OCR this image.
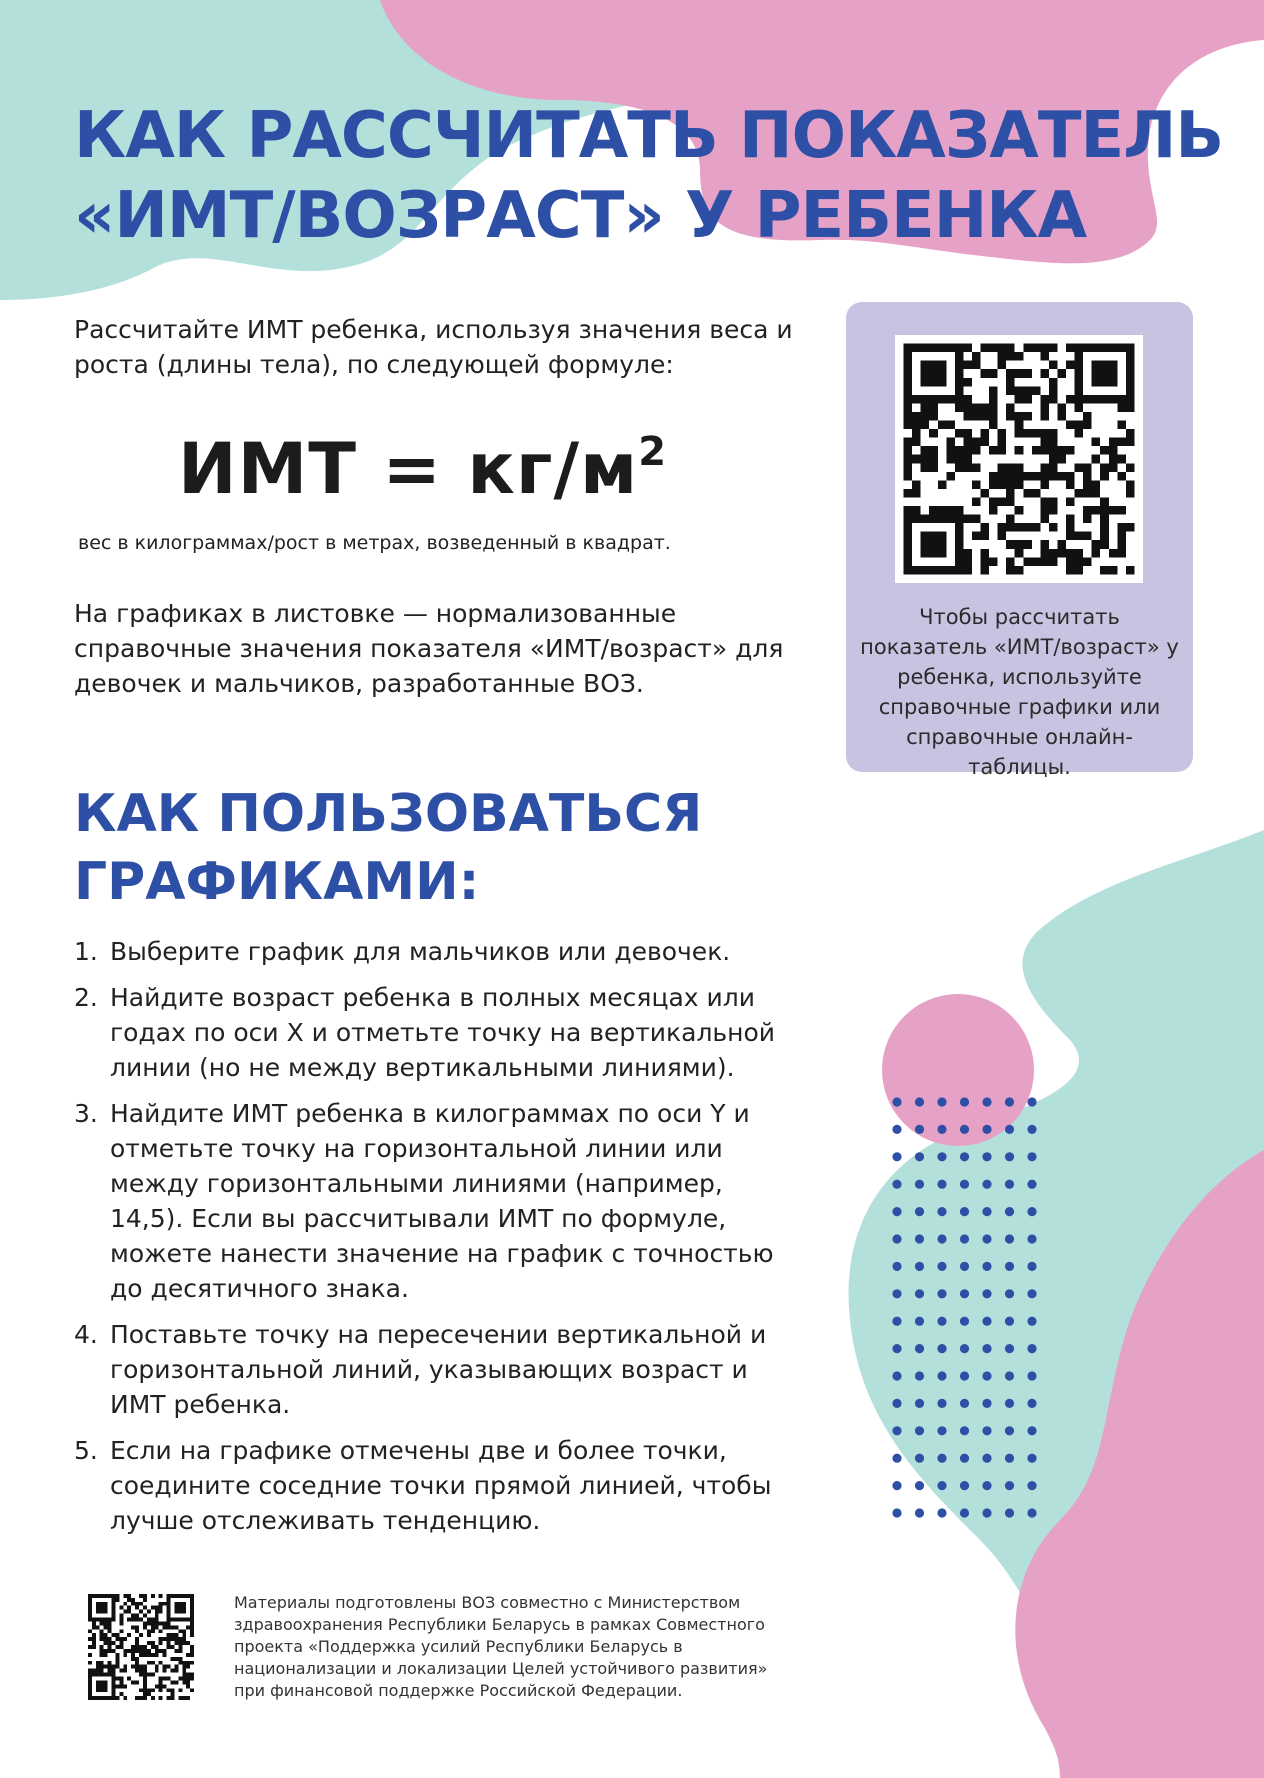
КАК РАССЧИТАТЬ ПОКАЗАТЕЛЬ
«ИМТ/ВОЗРАСТ» У РЕБЕНКА

Рассчитайте ИМТ ребенка, используя значения веса и роста (длины тела), по следующей формуле:

ИМТ = $кг/м^2$

вес в килограммах/рост в метрах, возведенный в квадрат.

На графиках в листовке — нормализованные справочные значения показателя «ИМТ/возраст» для девочек и мальчиков, разработанные ВОЗ.

Чтобы рассчитать показатель «ИМТ/возраст» у ребенка, используйте справочные графики или справочные онлайн-таблицы.

КАК ПОЛЬЗОВАТЬСЯ
ГРАФИКАМИ:
1. Выберите график для мальчиков или девочек.
2. Найдите возраст ребенка в полных месяцах или годах по оси X и отметьте точку на вертикальной линии (но не между вертикальными линиями).
3. Найдите ИМТ ребенка в килограммах по оси Y и отметьте точку на горизонтальной линии или между горизонтальными линиями (например, 14,5). Если вы рассчитывали ИМТ по формуле, можете нанести значение на график с точностью до десятичного знака.
4. Поставьте точку на пересечении вертикальной и горизонтальной линий, указывающих возраст и ИМТ ребенка.
5. Если на графике отмечены две и более точки, соедините соседние точки прямой линией, чтобы лучше отслеживать тенденцию.

Материалы подготовлены ВОЗ совместно с Министерством здравоохранения Республики Беларусь в рамках Совместного проекта «Поддержка усилий Республики Беларусь в национализации и локализации Целей устойчивого развития» при финансовой поддержке Российской Федерации.
